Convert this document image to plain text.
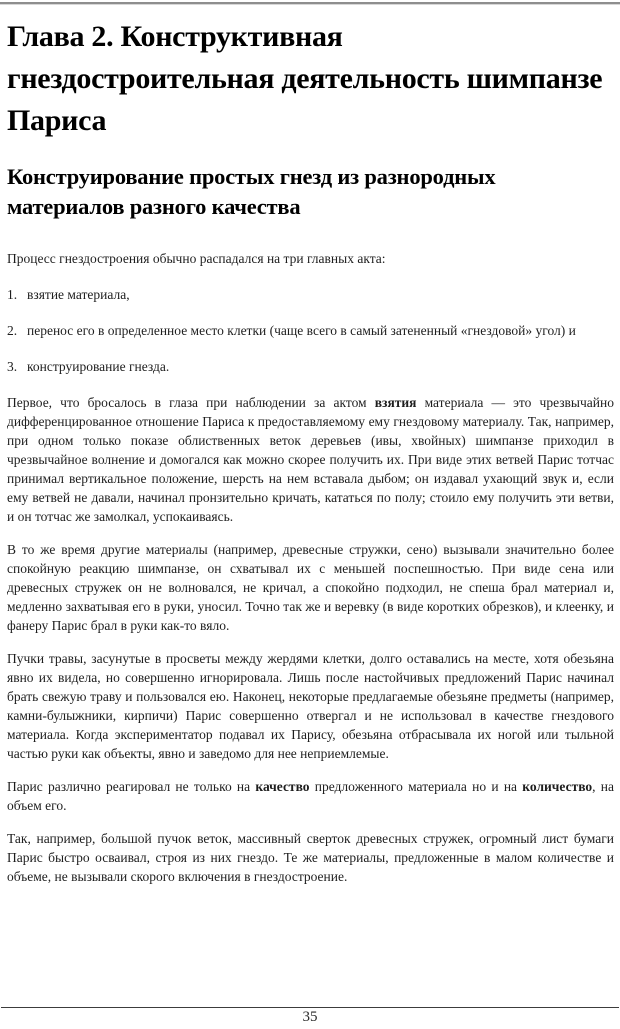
Глава 2. Конструктивная гнездостроительная деятельность шимпанзе Париса
Конструирование простых гнезд из разнородных материалов разного качества

Процесс гнездостроения обычно распадался на три главных акта:

1. взятие материала,
2. перенос его в определенное место клетки (чаще всего в самый затененный «гнездовой» угол) и
3. конструирование гнезда.

Первое, что бросалось в глаза при наблюдении за актом взятия материала — это чрезвычайно дифференцированное отношение Париса к предоставляемому ему гнездовому материалу. Так, например, при одном только показе облиственных веток деревьев (ивы, хвойных) шимпанзе приходил в чрезвычайное волнение и домогался как можно скорее получить их. При виде этих ветвей Парис тотчас принимал вертикальное положение, шерсть на нем вставала дыбом; он издавал ухающий звук и, если ему ветвей не давали, начинал пронзительно кричать, кататься по полу; стоило ему получить эти ветви, и он тотчас же замолкал, успокаиваясь.

В то же время другие материалы (например, древесные стружки, сено) вызывали значительно более спокойную реакцию шимпанзе, он схватывал их с меньшей поспешностью. При виде сена или древесных стружек он не волновался, не кричал, а спокойно подходил, не спеша брал материал и, медленно захватывая его в руки, уносил. Точно так же и веревку (в виде коротких обрезков), и клеенку, и фанеру Парис брал в руки как-то вяло.

Пучки травы, засунутые в просветы между жердями клетки, долго оставались на месте, хотя обезьяна явно их видела, но совершенно игнорировала. Лишь после настойчивых предложений Парис начинал брать свежую траву и пользовался ею. Наконец, некоторые предлагаемые обезьяне предметы (например, камни-булыжники, кирпичи) Парис совершенно отвергал и не использовал в качестве гнездового материала. Когда экспериментатор подавал их Парису, обезьяна отбрасывала их ногой или тыльной частью руки как объекты, явно и заведомо для нее неприемлемые.

Парис различно реагировал не только на качество предложенного материала но и на количество, на объем его.

Так, например, большой пучок веток, массивный сверток древесных стружек, огромный лист бумаги Парис быстро осваивал, строя из них гнездо. Те же материалы, предложенные в малом количестве и объеме, не вызывали скорого включения в гнездостроение.

35
